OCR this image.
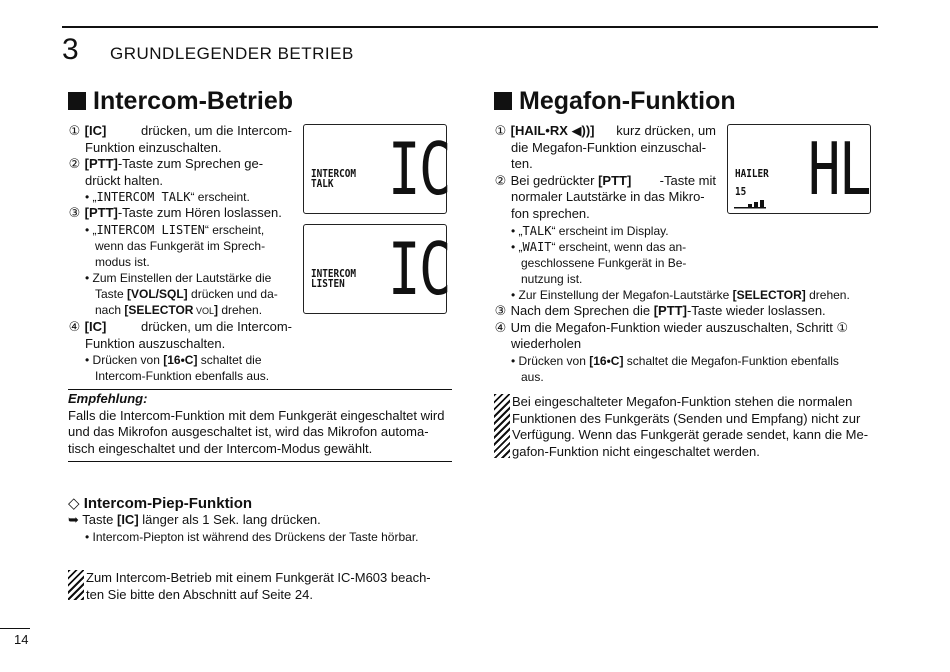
3 GRUNDLEGENDER BETRIEB
Intercom-Betrieb

① [IC]	drücken, um die Intercom-

Funktion einzuschalten.

② [PTT]-Taste zum Sprechen ge-

drückt halten.

• „INTERCOM TALK“ erscheint.

③ [PTT]-Taste zum Hören loslassen.

• „INTERCOM LISTEN“ erscheint,

wenn das Funkgerät im Sprech-

modus ist.

• Zum Einstellen der Lautstärke die

Taste [VOL/SQL] drücken und da-

nach [SELECTOR VOL] drehen.

④ [IC]	drücken, um die Intercom-

Funktion auszuschalten.

• Drücken von [16•C] schaltet die

Intercom-Funktion ebenfalls aus.

INTERCOM
TALK IC
INTERCOM
LISTEN IC

Empfehlung:

Falls die Intercom-Funktion mit dem Funkgerät eingeschaltet wird

und das Mikrofon ausgeschaltet ist, wird das Mikrofon automa-

tisch eingeschaltet und der Intercom-Modus gewählt.

◇ Intercom-Piep-Funktion

➥ Taste [IC] länger als 1 Sek. lang drücken.

• Intercom-Piepton ist während des Drückens der Taste hörbar.

Zum Intercom-Betrieb mit einem Funkgerät IC-M603 beach-

ten Sie bitte den Abschnitt auf Seite 24.

Megafon-Funktion

① [HAIL•RX ◀))] kurz drücken, um

die Megafon-Funktion einzuschal-

ten.

② Bei gedrückter [PTT] -Taste mit

normaler Lautstärke in das Mikro-

fon sprechen.

• „TALK“ erscheint im Display.

• „WAIT“ erscheint, wenn das an-

geschlossene Funkgerät in Be-

nutzung ist.

HAILER
15 HL

• Zur Einstellung der Megafon-Lautstärke [SELECTOR] drehen.

③ Nach dem Sprechen die [PTT]-Taste wieder loslassen.

④ Um die Megafon-Funktion wieder auszuschalten, Schritt ①

wiederholen

• Drücken von [16•C] schaltet die Megafon-Funktion ebenfalls

aus.

Bei eingeschalteter Megafon-Funktion stehen die normalen

Funktionen des Funkgeräts (Senden und Empfang) nicht zur

Verfügung. Wenn das Funkgerät gerade sendet, kann die Me-

gafon-Funktion nicht eingeschaltet werden.

14
